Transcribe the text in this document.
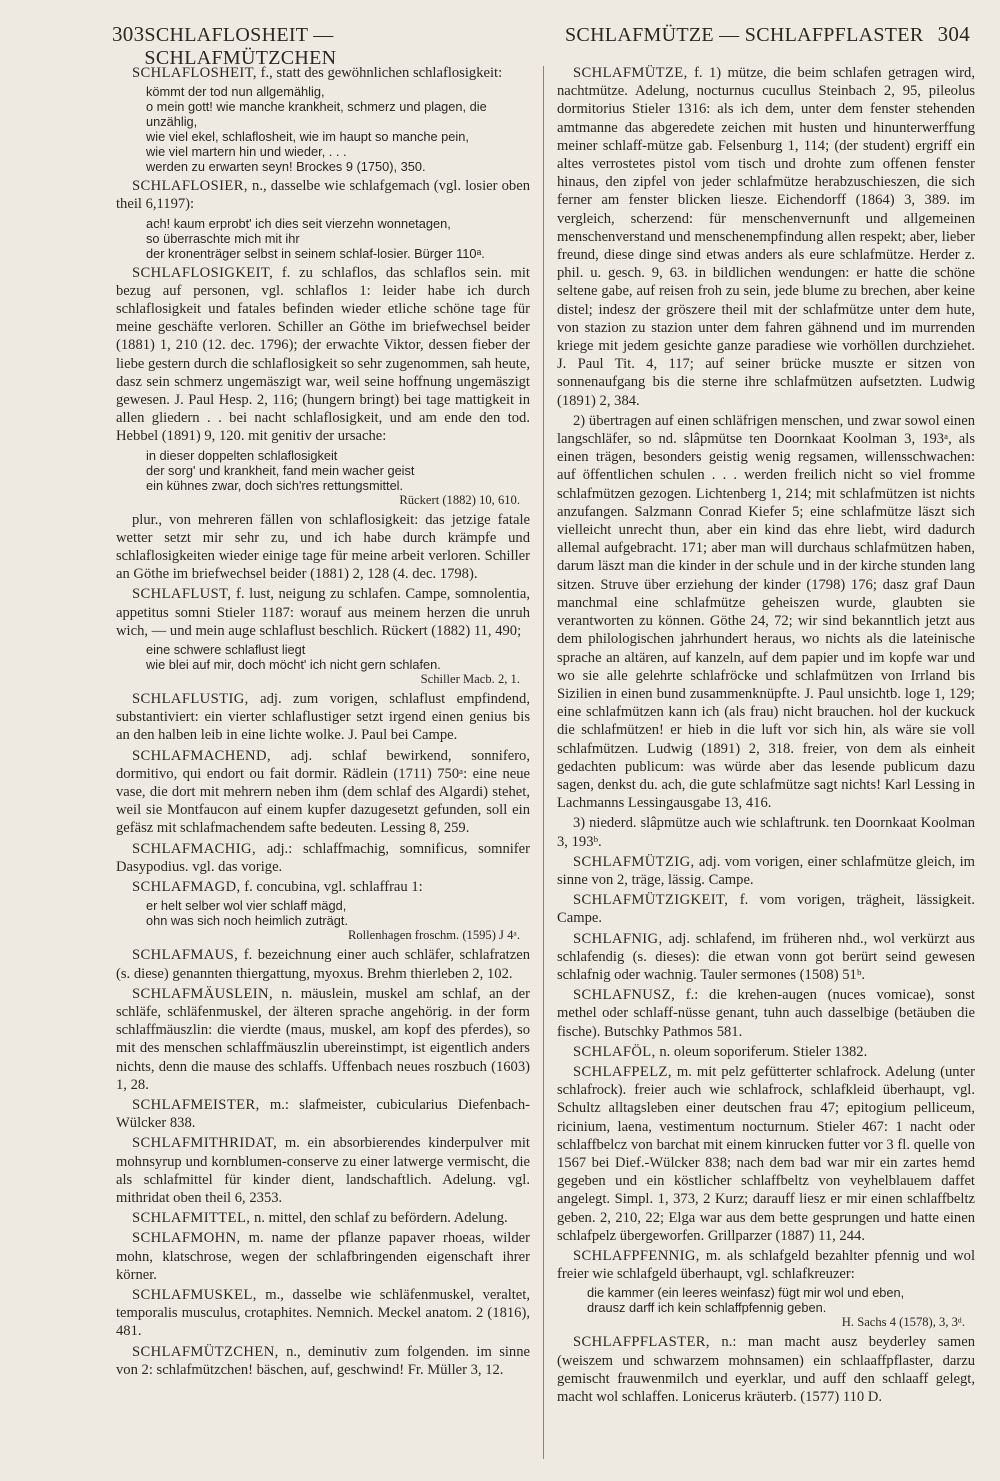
303 SCHLAFLOSHEIT — SCHLAFMÜTZCHEN
SCHLAFMÜTZE — SCHLAFPFLASTER 304

SCHLAFLOSHEIT, f., statt des gewöhnlichen schlaflosigkeit:

kömmt der tod nun allgemählig,
o mein gott! wie manche krankheit, schmerz und plagen, die
unzählig,
wie viel ekel, schlaflosheit, wie im haupt so manche pein,
wie viel martern hin und wieder, . . .
werden zu erwarten seyn! Brockes 9 (1750), 350.

SCHLAFLOSIER, n., dasselbe wie schlafgemach (vgl. losier oben theil 6,1197):

ach! kaum erprobt' ich dies seit vierzehn wonnetagen,
so überraschte mich mit ihr
der kronenträger selbst in seinem schlaf-losier. Bürger 110ᵃ.

SCHLAFLOSIGKEIT, f. zu schlaflos, das schlaflos sein. mit bezug auf personen, vgl. schlaflos 1: leider habe ich durch schlaflosigkeit und fatales befinden wieder etliche schöne tage für meine geschäfte verloren. Schiller an Göthe im briefwechsel beider (1881) 1, 210 (12. dec. 1796); der erwachte Viktor, dessen fieber der liebe gestern durch die schlaflosigkeit so sehr zugenommen, sah heute, dasz sein schmerz ungemäszigt war, weil seine hoffnung ungemäszigt gewesen. J. Paul Hesp. 2, 116; (hungern bringt) bei tage mattigkeit in allen gliedern . . bei nacht schlaflosigkeit, und am ende den tod. Hebbel (1891) 9, 120. mit genitiv der ursache:

in dieser doppelten schlaflosigkeit
der sorg' und krankheit, fand mein wacher geist
ein kühnes zwar, doch sich'res rettungsmittel.
Rückert (1882) 10, 610.

plur., von mehreren fällen von schlaflosigkeit: das jetzige fatale wetter setzt mir sehr zu, und ich habe durch krämpfe und schlaflosigkeiten wieder einige tage für meine arbeit verloren. Schiller an Göthe im briefwechsel beider (1881) 2, 128 (4. dec. 1798).

SCHLAFLUST, f. lust, neigung zu schlafen. Campe, somnolentia, appetitus somni Stieler 1187: worauf aus meinem herzen die unruh wich, — und mein auge schlaflust beschlich. Rückert (1882) 11, 490;

eine schwere schlaflust liegt
wie blei auf mir, doch möcht' ich nicht gern schlafen.
Schiller Macb. 2, 1.

SCHLAFLUSTIG, adj. zum vorigen, schlaflust empfindend, substantiviert: ein vierter schlaflustiger setzt irgend einen genius bis an den halben leib in eine lichte wolke. J. Paul bei Campe.

SCHLAFMACHEND, adj. schlaf bewirkend, sonnifero, dormitivo, qui endort ou fait dormir. Rädlein (1711) 750ᵃ: eine neue vase, die dort mit mehrern neben ihm (dem schlaf des Algardi) stehet, weil sie Montfaucon auf einem kupfer dazugesetzt gefunden, soll ein gefäsz mit schlafmachendem safte bedeuten. Lessing 8, 259.

SCHLAFMACHIG, adj.: schlaffmachig, somnificus, somnifer Dasypodius. vgl. das vorige.

SCHLAFMAGD, f. concubina, vgl. schlaffrau 1:

er helt selber wol vier schlaff mägd,
ohn was sich noch heimlich zuträgt.
Rollenhagen froschm. (1595) J 4ᵃ.

SCHLAFMAUS, f. bezeichnung einer auch schläfer, schlafratzen (s. diese) genannten thiergattung, myoxus. Brehm thierleben 2, 102.

SCHLAFMÄUSLEIN, n. mäuslein, muskel am schlaf, an der schläfe, schläfenmuskel, der älteren sprache angehörig. in der form schlaffmäuszlin: die vierdte (maus, muskel, am kopf des pferdes), so mit des menschen schlaffmäuszlin ubereinstimpt, ist eigentlich anders nichts, denn die mause des schlaffs. Uffenbach neues roszbuch (1603) 1, 28.

SCHLAFMEISTER, m.: slafmeister, cubicularius Diefenbach-Wülcker 838.

SCHLAFMITHRIDAT, m. ein absorbierendes kinderpulver mit mohnsyrup und kornblumen-conserve zu einer latwerge vermischt, die als schlafmittel für kinder dient, landschaftlich. Adelung. vgl. mithridat oben theil 6, 2353.

SCHLAFMITTEL, n. mittel, den schlaf zu befördern. Adelung.

SCHLAFMOHN, m. name der pflanze papaver rhoeas, wilder mohn, klatschrose, wegen der schlafbringenden eigenschaft ihrer körner.

SCHLAFMUSKEL, m., dasselbe wie schläfenmuskel, veraltet, temporalis musculus, crotaphites. Nemnich. Meckel anatom. 2 (1816), 481.

SCHLAFMÜTZCHEN, n., deminutiv zum folgenden. im sinne von 2: schlafmützchen! bäschen, auf, geschwind! Fr. Müller 3, 12.

SCHLAFMÜTZE, f. 1) mütze, die beim schlafen getragen wird, nachtmütze. Adelung, nocturnus cucullus Steinbach 2, 95, pileolus dormitorius Stieler 1316: als ich dem, unter dem fenster stehenden amtmanne das abgeredete zeichen mit husten und hinunterwerffung meiner schlaff-mütze gab. Felsenburg 1, 114; (der student) ergriff ein altes verrostetes pistol vom tisch und drohte zum offenen fenster hinaus, den zipfel von jeder schlafmütze herabzuschieszen, die sich ferner am fenster blicken liesze. Eichendorff (1864) 3, 389. im vergleich, scherzend: für menschenvernunft und allgemeinen menschenverstand und menschenempfindung allen respekt; aber, lieber freund, diese dinge sind etwas anders als eure schlafmütze. Herder z. phil. u. gesch. 9, 63. in bildlichen wendungen: er hatte die schöne seltene gabe, auf reisen froh zu sein, jede blume zu brechen, aber keine distel; indesz der gröszere theil mit der schlafmütze unter dem hute, von stazion zu stazion unter dem fahren gähnend und im murrenden kriege mit jedem gesichte ganze paradiese wie vorhöllen durchziehet. J. Paul Tit. 4, 117; auf seiner brücke muszte er sitzen von sonnenaufgang bis die sterne ihre schlafmützen aufsetzten. Ludwig (1891) 2, 384.

2) übertragen auf einen schläfrigen menschen, und zwar sowol einen langschläfer, so nd. slâpmütse ten Doornkaat Koolman 3, 193ᵃ, als einen trägen, besonders geistig wenig regsamen, willensschwachen: auf öffentlichen schulen . . . werden freilich nicht so viel fromme schlafmützen gezogen. Lichtenberg 1, 214; mit schlafmützen ist nichts anzufangen. Salzmann Conrad Kiefer 5; eine schlafmütze läszt sich vielleicht unrecht thun, aber ein kind das ehre liebt, wird dadurch allemal aufgebracht. 171; aber man will durchaus schlafmützen haben, darum läszt man die kinder in der schule und in der kirche stunden lang sitzen. Struve über erziehung der kinder (1798) 176; dasz graf Daun manchmal eine schlafmütze geheiszen wurde, glaubten sie verantworten zu können. Göthe 24, 72; wir sind bekanntlich jetzt aus dem philologischen jahrhundert heraus, wo nichts als die lateinische sprache an altären, auf kanzeln, auf dem papier und im kopfe war und wo sie alle gelehrte schlafröcke und schlafmützen von Irrland bis Sizilien in einen bund zusammenknüpfte. J. Paul unsichtb. loge 1, 129; eine schlafmützen kann ich (als frau) nicht brauchen. hol der kuckuck die schlafmützen! er hieb in die luft vor sich hin, als wäre sie voll schlafmützen. Ludwig (1891) 2, 318. freier, von dem als einheit gedachten publicum: was würde aber das lesende publicum dazu sagen, denkst du. ach, die gute schlafmütze sagt nichts! Karl Lessing in Lachmanns Lessingausgabe 13, 416.

3) niederd. slâpmütze auch wie schlaftrunk. ten Doornkaat Koolman 3, 193ᵇ.

SCHLAFMÜTZIG, adj. vom vorigen, einer schlafmütze gleich, im sinne von 2, träge, lässig. Campe.

SCHLAFMÜTZIGKEIT, f. vom vorigen, trägheit, lässigkeit. Campe.

SCHLAFNIG, adj. schlafend, im früheren nhd., wol verkürzt aus schlafendig (s. dieses): die etwan vonn got berürt seind gewesen schlafnig oder wachnig. Tauler sermones (1508) 51ᵇ.

SCHLAFNUSZ, f.: die krehen-augen (nuces vomicae), sonst methel oder schlaff-nüsse genant, tuhn auch dasselbige (betäuben die fische). Butschky Pathmos 581.

SCHLAFÖL, n. oleum soporiferum. Stieler 1382.

SCHLAFPELZ, m. mit pelz gefütterter schlafrock. Adelung (unter schlafrock). freier auch wie schlafrock, schlafkleid überhaupt, vgl. Schultz alltagsleben einer deutschen frau 47; epitogium pelliceum, ricinium, laena, vestimentum nocturnum. Stieler 467: 1 nacht oder schlaffbelcz von barchat mit einem kinrucken futter vor 3 fl. quelle von 1567 bei Dief.-Wülcker 838; nach dem bad war mir ein zartes hemd gegeben und ein köstlicher schlaffbeltz von veyhelblauem daffet angelegt. Simpl. 1, 373, 2 Kurz; darauff liesz er mir einen schlaffbeltz geben. 2, 210, 22; Elga war aus dem bette gesprungen und hatte einen schlafpelz übergeworfen. Grillparzer (1887) 11, 244.

SCHLAFPFENNIG, m. als schlafgeld bezahlter pfennig und wol freier wie schlafgeld überhaupt, vgl. schlafkreuzer:

die kammer (ein leeres weinfasz) fügt mir wol und eben,
drausz darff ich kein schlaffpfennig geben.
H. Sachs 4 (1578), 3, 3ᵈ.

SCHLAFPFLASTER, n.: man macht ausz beyderley samen (weiszem und schwarzem mohnsamen) ein schlaaffpflaster, darzu gemischt frauwenmilch und eyerklar, und auff den schlaaff gelegt, macht wol schlaffen. Lonicerus kräuterb. (1577) 110 D.
